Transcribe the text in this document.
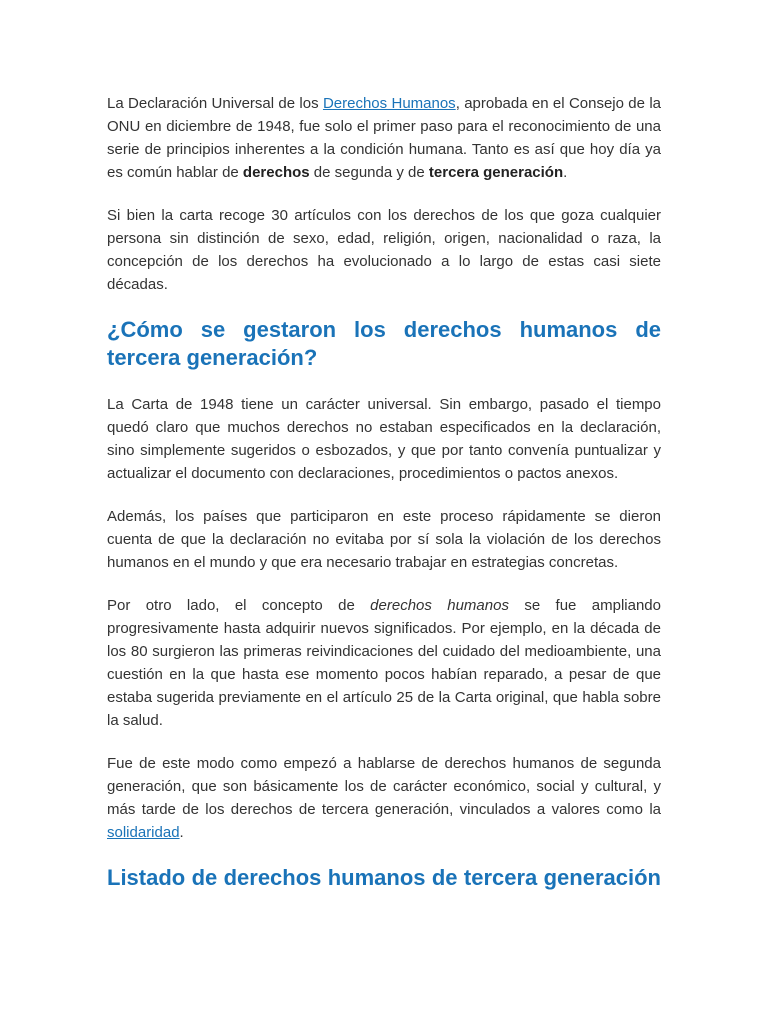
La Declaración Universal de los Derechos Humanos, aprobada en el Consejo de la ONU en diciembre de 1948, fue solo el primer paso para el reconocimiento de una serie de principios inherentes a la condición humana. Tanto es así que hoy día ya es común hablar de derechos de segunda y de tercera generación.

Si bien la carta recoge 30 artículos con los derechos de los que goza cualquier persona sin distinción de sexo, edad, religión, origen, nacionalidad o raza, la concepción de los derechos ha evolucionado a lo largo de estas casi siete décadas.

¿Cómo se gestaron los derechos humanos de tercera generación?

La Carta de 1948 tiene un carácter universal. Sin embargo, pasado el tiempo quedó claro que muchos derechos no estaban especificados en la declaración, sino simplemente sugeridos o esbozados, y que por tanto convenía puntualizar y actualizar el documento con declaraciones, procedimientos o pactos anexos.

Además, los países que participaron en este proceso rápidamente se dieron cuenta de que la declaración no evitaba por sí sola la violación de los derechos humanos en el mundo y que era necesario trabajar en estrategias concretas.

Por otro lado, el concepto de derechos humanos se fue ampliando progresivamente hasta adquirir nuevos significados. Por ejemplo, en la década de los 80 surgieron las primeras reivindicaciones del cuidado del medioambiente, una cuestión en la que hasta ese momento pocos habían reparado, a pesar de que estaba sugerida previamente en el artículo 25 de la Carta original, que habla sobre la salud.

Fue de este modo como empezó a hablarse de derechos humanos de segunda generación, que son básicamente los de carácter económico, social y cultural, y más tarde de los derechos de tercera generación, vinculados a valores como la solidaridad.

Listado de derechos humanos de tercera generación
